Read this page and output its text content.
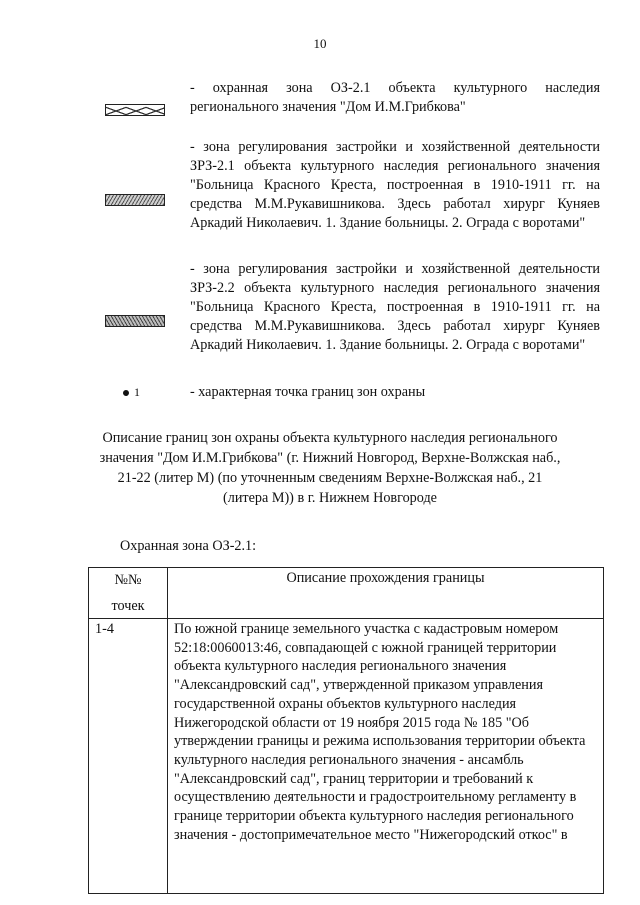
10
- охранная зона ОЗ-2.1 объекта культурного наследия регионального значения "Дом И.М.Грибкова"
- зона регулирования застройки и хозяйственной деятельности ЗРЗ-2.1 объекта культурного наследия регионального значения "Больница Красного Креста, построенная в 1910-1911 гг. на средства М.М.Рукавишникова. Здесь работал хирург Куняев Аркадий Николаевич. 1. Здание больницы. 2. Ограда с воротами"
- зона регулирования застройки и хозяйственной деятельности ЗРЗ-2.2 объекта культурного наследия регионального значения "Больница Красного Креста, построенная в 1910-1911 гг. на средства М.М.Рукавишникова. Здесь работал хирург Куняев Аркадий Николаевич. 1. Здание больницы. 2. Ограда с воротами"
1	- характерная точка границ зон охраны
Описание границ зон охраны объекта культурного наследия регионального значения "Дом И.М.Грибкова" (г. Нижний Новгород, Верхне-Волжская наб., 21-22 (литер М) (по уточненным сведениям Верхне-Волжская наб., 21 (литера М)) в г. Нижнем Новгороде
Охранная зона ОЗ-2.1:
№№
точек	Описание прохождения границы
1-4	По южной границе земельного участка с кадастровым номером 52:18:0060013:46, совпадающей с южной границей территории объекта культурного наследия регионального значения "Александровский сад", утвержденной приказом управления государственной охраны объектов культурного наследия Нижегородской области от 19 ноября 2015 года № 185 "Об утверждении границы и режима использования территории объекта культурного наследия регионального значения - ансамбль "Александровский сад", границ территории и требований к осуществлению деятельности и градостроительному регламенту в границе территории объекта культурного наследия регионального значения - достопримечательное место "Нижегородский откос" в
